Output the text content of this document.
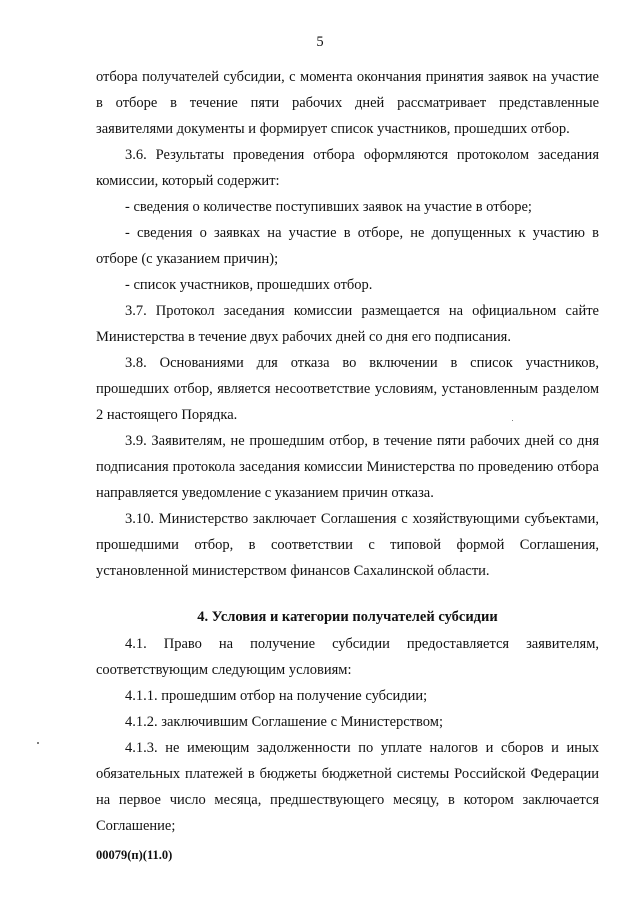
5

отбора получателей субсидии, с момента окончания принятия заявок на участие в отборе в течение пяти рабочих дней рассматривает представленные заявителями документы и формирует список участников, прошедших отбор.

3.6. Результаты проведения отбора оформляются протоколом заседания комиссии, который содержит:

- сведения о количестве поступивших заявок на участие в отборе;

- сведения о заявках на участие в отборе, не допущенных к участию в отборе (с указанием причин);

- список участников, прошедших отбор.

3.7. Протокол заседания комиссии размещается на официальном сайте Министерства в течение двух рабочих дней со дня его подписания.

3.8. Основаниями для отказа во включении в список участников, прошедших отбор, является несоответствие условиям, установленным разделом 2 настоящего Порядка.

3.9. Заявителям, не прошедшим отбор, в течение пяти рабочих дней со дня подписания протокола заседания комиссии Министерства по проведению отбора направляется уведомление с указанием причин отказа.

3.10. Министерство заключает Соглашения с хозяйствующими субъектами, прошедшими отбор, в соответствии с типовой формой Соглашения, установленной министерством финансов Сахалинской области.

4. Условия и категории получателей субсидии

4.1. Право на получение субсидии предоставляется заявителям, соответствующим следующим условиям:

4.1.1. прошедшим отбор на получение субсидии;

4.1.2. заключившим Соглашение с Министерством;

4.1.3. не имеющим задолженности по уплате налогов и сборов и иных обязательных платежей в бюджеты бюджетной системы Российской Федерации на первое число месяца, предшествующего месяцу, в котором заключается Соглашение;

00079(п)(11.0)
